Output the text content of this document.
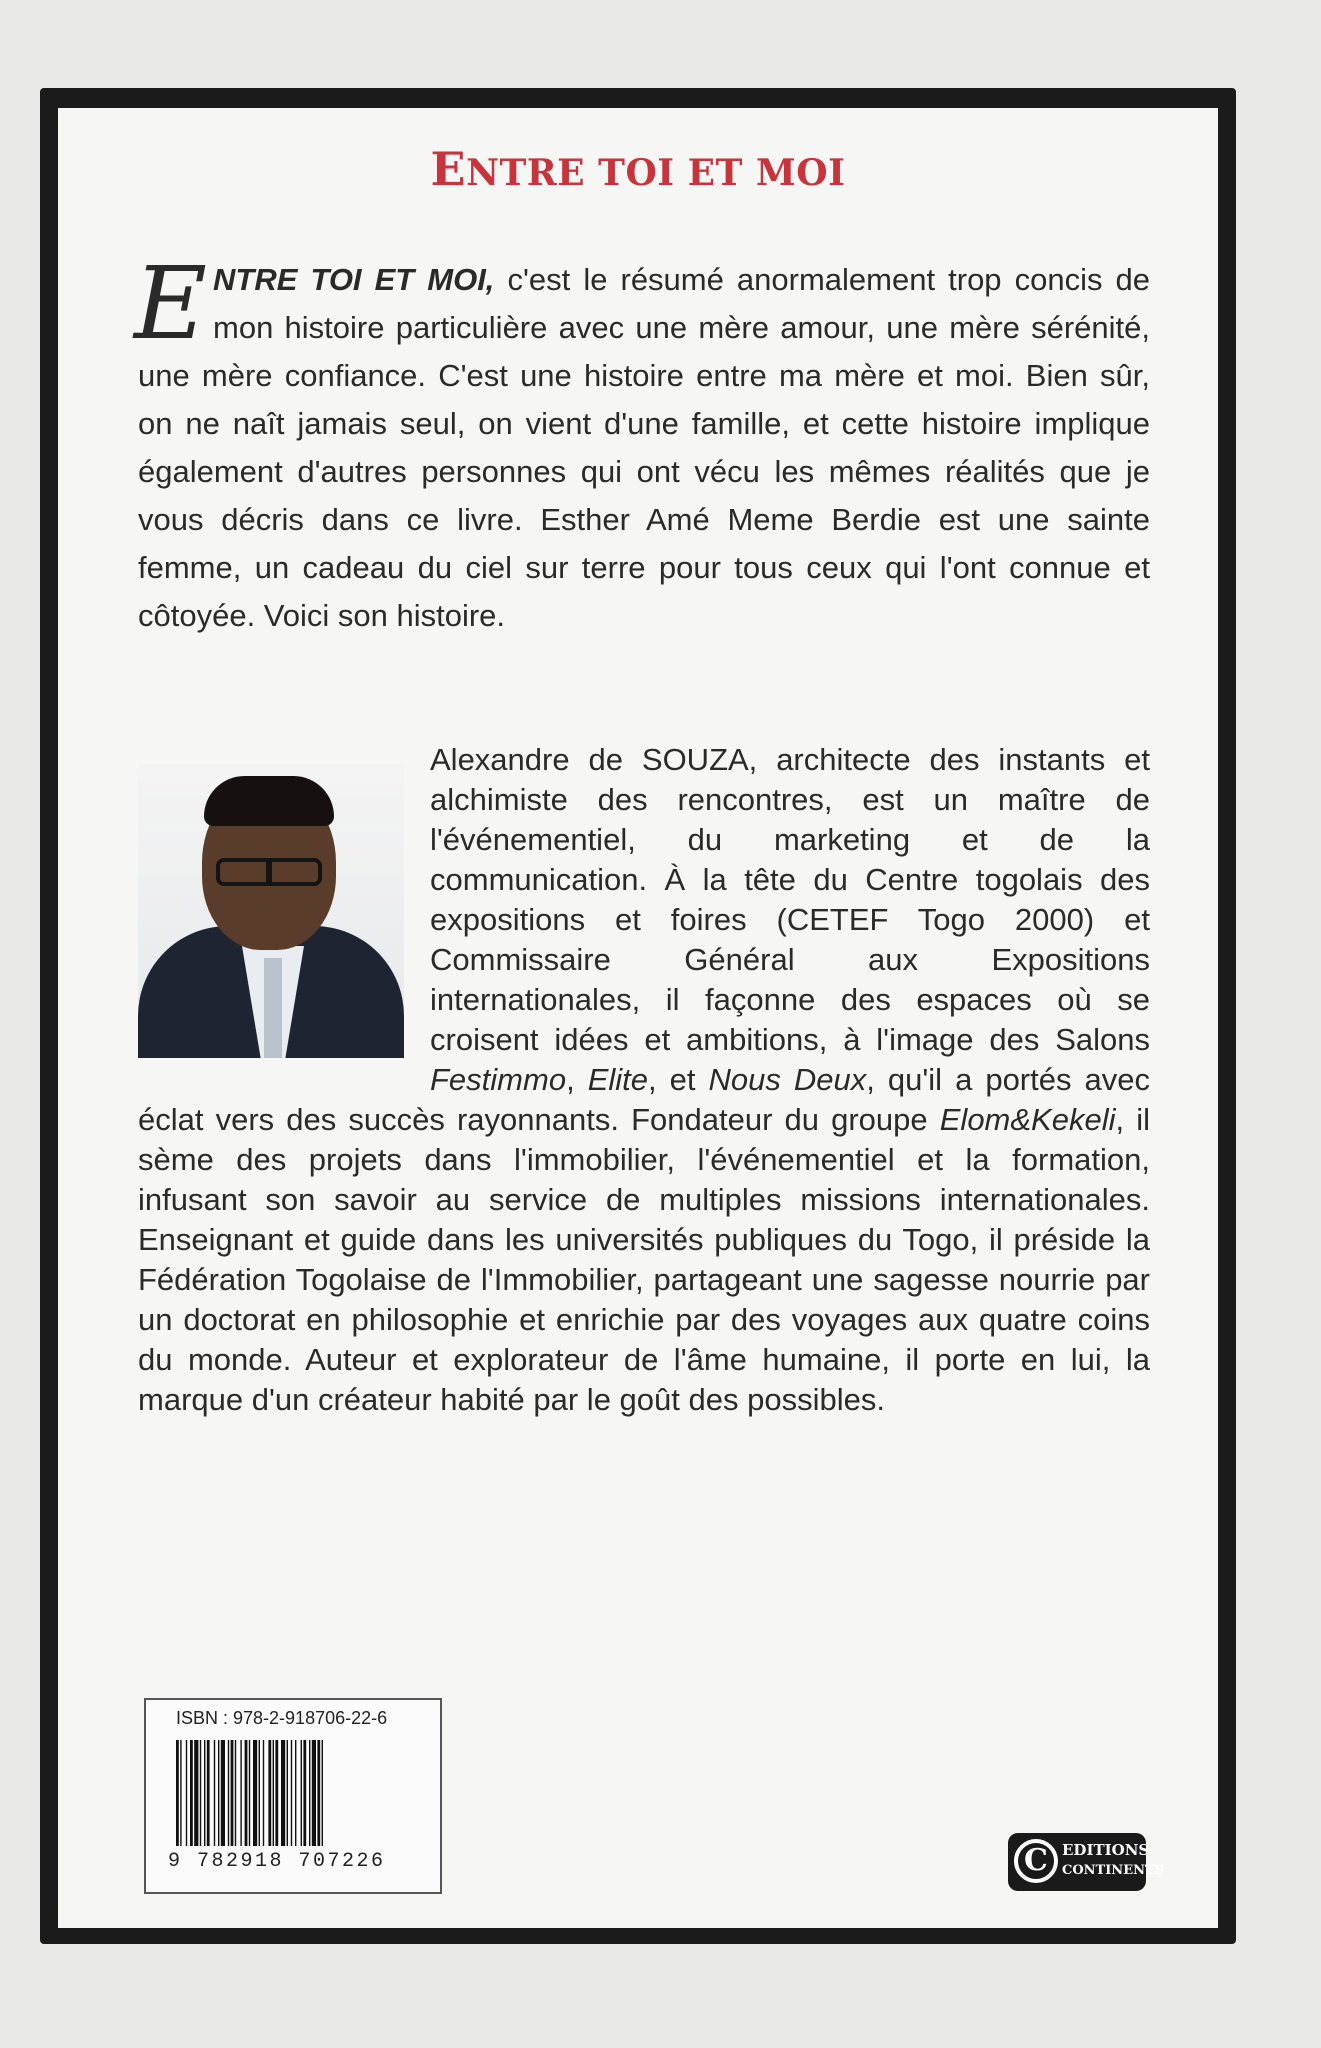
ENTRE TOI ET MOI
ENTRE TOI ET MOI, c'est le résumé anormalement trop concis de mon histoire particulière avec une mère amour, une mère sérénité, une mère confiance. C'est une histoire entre ma mère et moi. Bien sûr, on ne naît jamais seul, on vient d'une famille, et cette histoire implique également d'autres personnes qui ont vécu les mêmes réalités que je vous décris dans ce livre. Esther Amé Meme Berdie est une sainte femme, un cadeau du ciel sur terre pour tous ceux qui l'ont connue et côtoyée. Voici son histoire.
Alexandre de SOUZA, architecte des instants et alchimiste des rencontres, est un maître de l'événementiel, du marketing et de la communication. À la tête du Centre togolais des expositions et foires (CETEF Togo 2000) et Commissaire Général aux Expositions internationales, il façonne des espaces où se croisent idées et ambitions, à l'image des Salons Festimmo, Elite, et Nous Deux, qu'il a portés avec éclat vers des succès rayonnants. Fondateur du groupe Elom&Kekeli, il sème des projets dans l'immobilier, l'événementiel et la formation, infusant son savoir au service de multiples missions internationales. Enseignant et guide dans les universités publiques du Togo, il préside la Fédération Togolaise de l'Immobilier, partageant une sagesse nourrie par un doctorat en philosophie et enrichie par des voyages aux quatre coins du monde. Auteur et explorateur de l'âme humaine, il porte en lui, la marque d'un créateur habité par le goût des possibles.
ISBN : 978-2-918706-22-6
9 782918 707226	C EDITIONS
CONTINENTS
